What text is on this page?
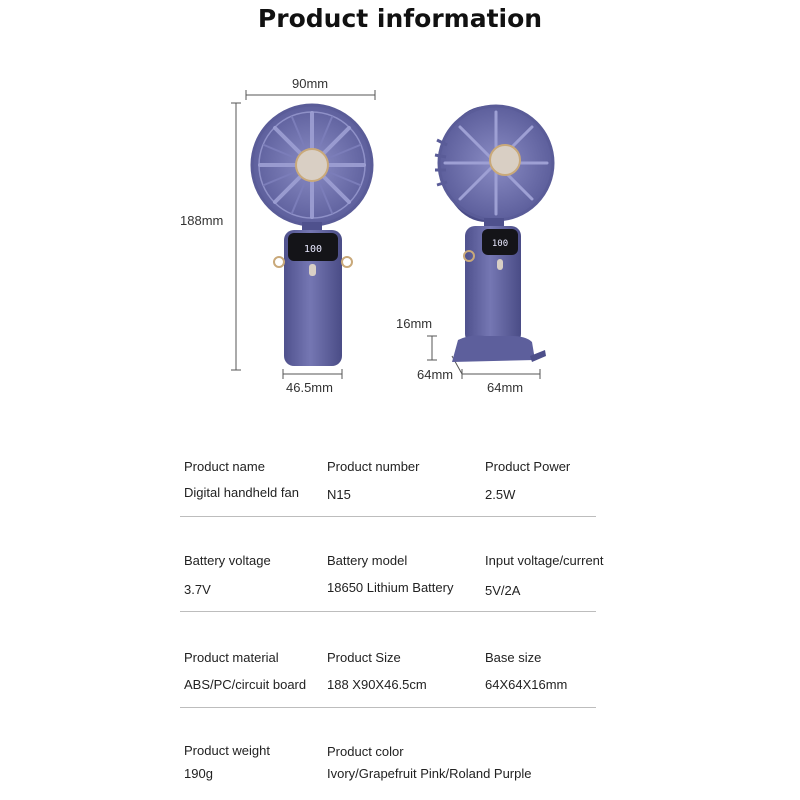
Product information
100	100
90mm
188mm
46.5mm
16mm
64mm
64mm
Product name
Digital handheld fan
Product number
N15
Product Power
2.5W
Battery voltage
3.7V
Battery model
18650 Lithium Battery
Input voltage/current
5V/2A
Product material
ABS/PC/circuit board
Product Size
188 X90X46.5cm
Base size
64X64X16mm
Product weight
190g
Product color
Ivory/Grapefruit Pink/Roland Purple
